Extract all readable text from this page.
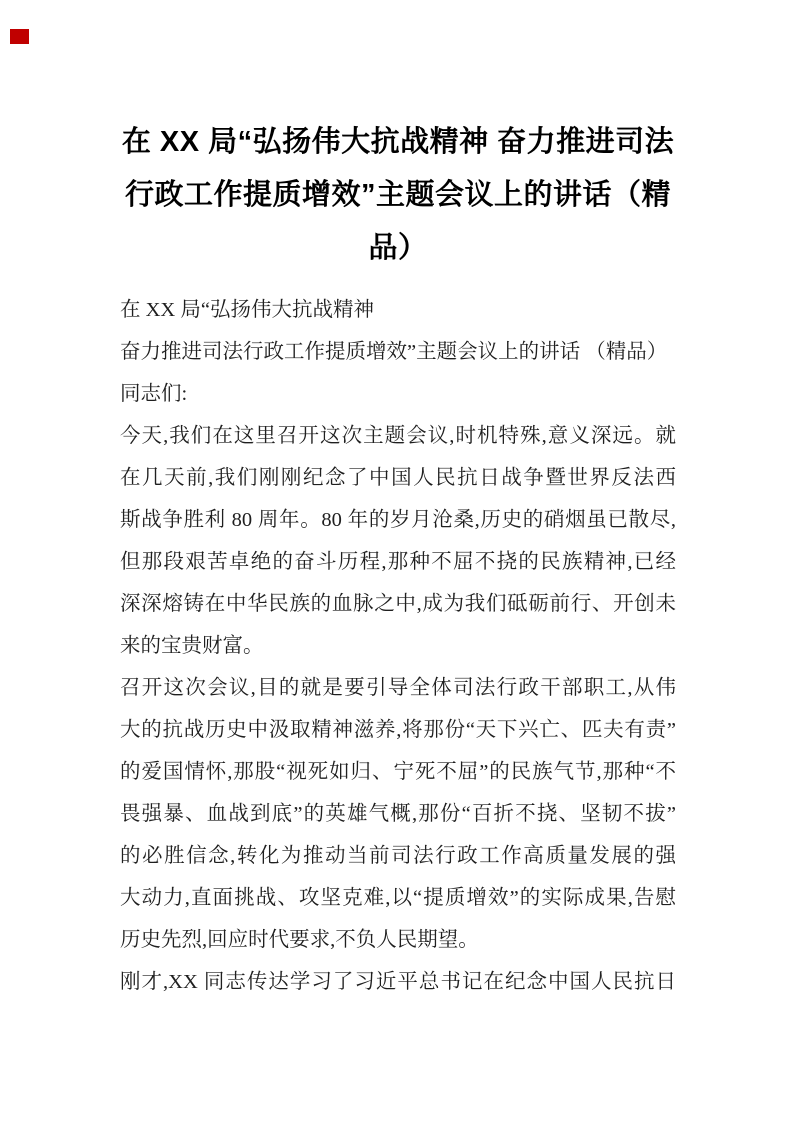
在 XX 局“弘扬伟大抗战精神 奋力推进司法
行政工作提质增效”主题会议上的讲话（精
品）
在 XX 局“弘扬伟大抗战精神
奋力推进司法行政工作提质增效”主题会议上的讲话 （精品）
同志们:
今天,我们在这里召开这次主题会议,时机特殊,意义深远。就
在几天前,我们刚刚纪念了中国人民抗日战争暨世界反法西
斯战争胜利 80 周年。80 年的岁月沧桑,历史的硝烟虽已散尽,
但那段艰苦卓绝的奋斗历程,那种不屈不挠的民族精神,已经
深深熔铸在中华民族的血脉之中,成为我们砥砺前行、开创未
来的宝贵财富。
召开这次会议,目的就是要引导全体司法行政干部职工,从伟
大的抗战历史中汲取精神滋养,将那份“天下兴亡、匹夫有责”
的爱国情怀,那股“视死如归、宁死不屈”的民族气节,那种“不
畏强暴、血战到底”的英雄气概,那份“百折不挠、坚韧不拔”
的必胜信念,转化为推动当前司法行政工作高质量发展的强
大动力,直面挑战、攻坚克难,以“提质增效”的实际成果,告慰
历史先烈,回应时代要求,不负人民期望。
刚才,XX 同志传达学习了习近平总书记在纪念中国人民抗日
